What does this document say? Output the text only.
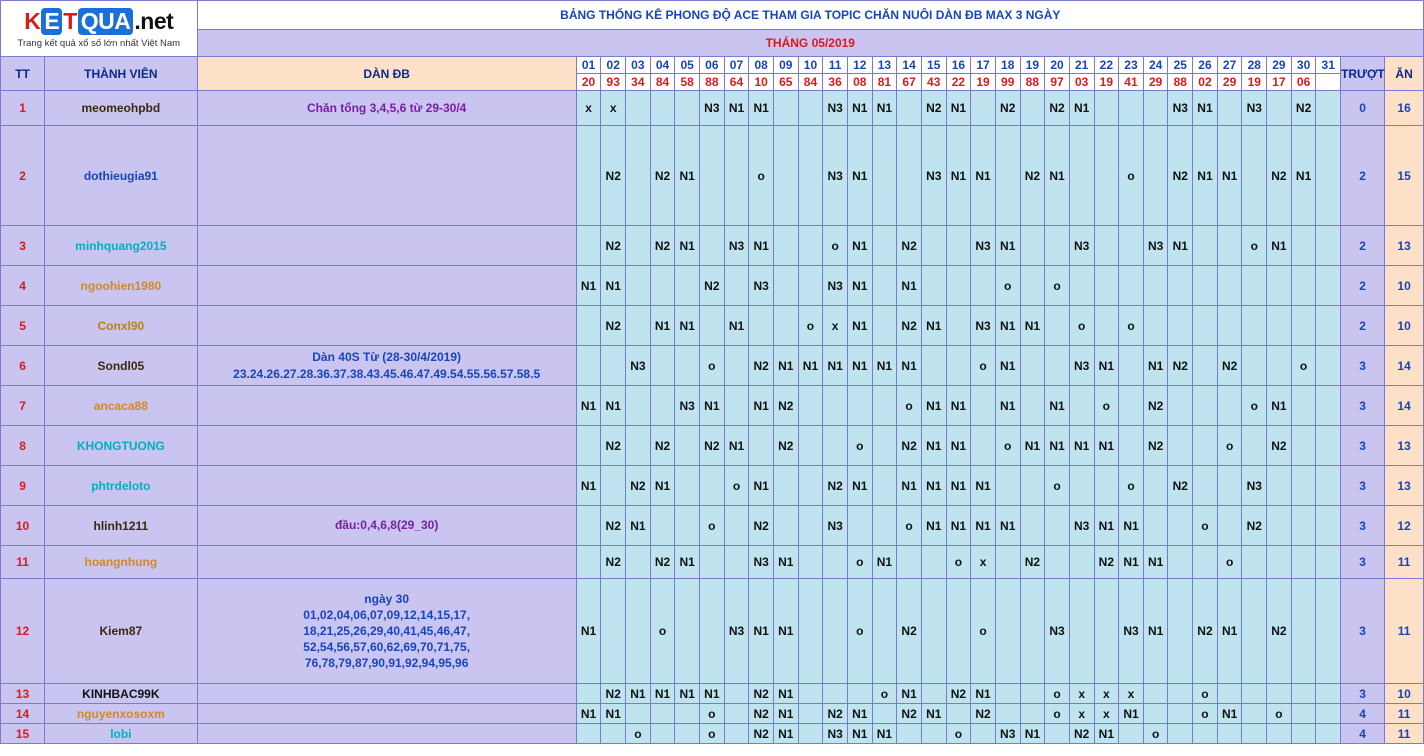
K E T QUA .net
Trang kết quả xổ số lớn nhất Việt Nam		BẢNG THỐNG KÊ PHONG ĐỘ ACE THAM GIA TOPIC CHĂN NUÔI DÀN ĐB MAX 3 NGÀY																																	
		THÁNG 05/2019																																	
TT	THÀNH VIÊN	DÀN ĐB	01	02	03	04	05	06	07	08	09	10	11	12	13	14	15	16	17	18	19	20	21	22	23	24	25	26	27	28	29	30	31	TRƯỢT	ĂN
			20	93	34	84	58	88	64	10	65	84	36	08	81	67	43	22	19	99	88	97	03	19	41	29	88	02	29	19	17	06			
1	meomeohpbd	Chăn tổng 3,4,5,6 từ 29-30/4	x	x				N3	N1	N1			N3	N1	N1		N2	N1		N2		N2	N1				N3	N1		N3		N2		0	16
2	dothieugia91			N2		N2	N1			o			N3	N1			N3	N1	N1		N2	N1			o		N2	N1	N1		N2	N1		2	15
3	minhquang2015			N2		N2	N1		N3	N1			o	N1		N2			N3	N1			N3			N3	N1			o	N1			2	13
4	ngoohien1980		N1	N1				N2		N3			N3	N1		N1				o		o												2	10
5	Conxl90			N2		N1	N1		N1			o	x	N1		N2	N1		N3	N1	N1		o		o									2	10
6	Sondl05	Dàn 40S Từ (28-30/4/2019)
23.24.26.27.28.36.37.38.43.45.46.47.49.54.55.56.57.58.5			N3			o		N2	N1	N1	N1	N1	N1	N1			o	N1			N3	N1		N1	N2		N2			o		3	14
7	ancaca88		N1	N1			N3	N1		N1	N2					o	N1	N1		N1		N1		o		N2				o	N1			3	14
8	KHONGTUONG			N2		N2		N2	N1		N2			o		N2	N1	N1		o	N1	N1	N1	N1		N2			o		N2			3	13
9	phtrdeloto		N1		N2	N1			o	N1			N2	N1		N1	N1	N1	N1			o			o		N2			N3				3	13
10	hlinh1211	đầu:0,4,6,8(29_30)		N2	N1			o		N2			N3			o	N1	N1	N1	N1			N3	N1	N1			o		N2				3	12
11	hoangnhung			N2		N2	N1			N3	N1			o	N1			o	x		N2			N2	N1	N1			o					3	11
12	Kiem87	ngày 30
01,02,04,06,07,09,12,14,15,17,
18,21,25,26,29,40,41,45,46,47,
52,54,56,57,60,62,69,70,71,75,
76,78,79,87,90,91,92,94,95,96	N1			o			N3	N1	N1			o		N2			o			N3			N3	N1		N2	N1		N2			3	11
13	KINHBAC99K			N2	N1	N1	N1	N1		N2	N1				o	N1		N2	N1			o	x	x	x			o						3	10
14	nguyenxosoxm		N1	N1				o		N2	N1		N2	N1		N2	N1		N2			o	x	x	N1			o	N1		o			4	11
15	lobi				o			o		N2	N1		N3	N1	N1			o		N3	N1		N2	N1		o								4	11
